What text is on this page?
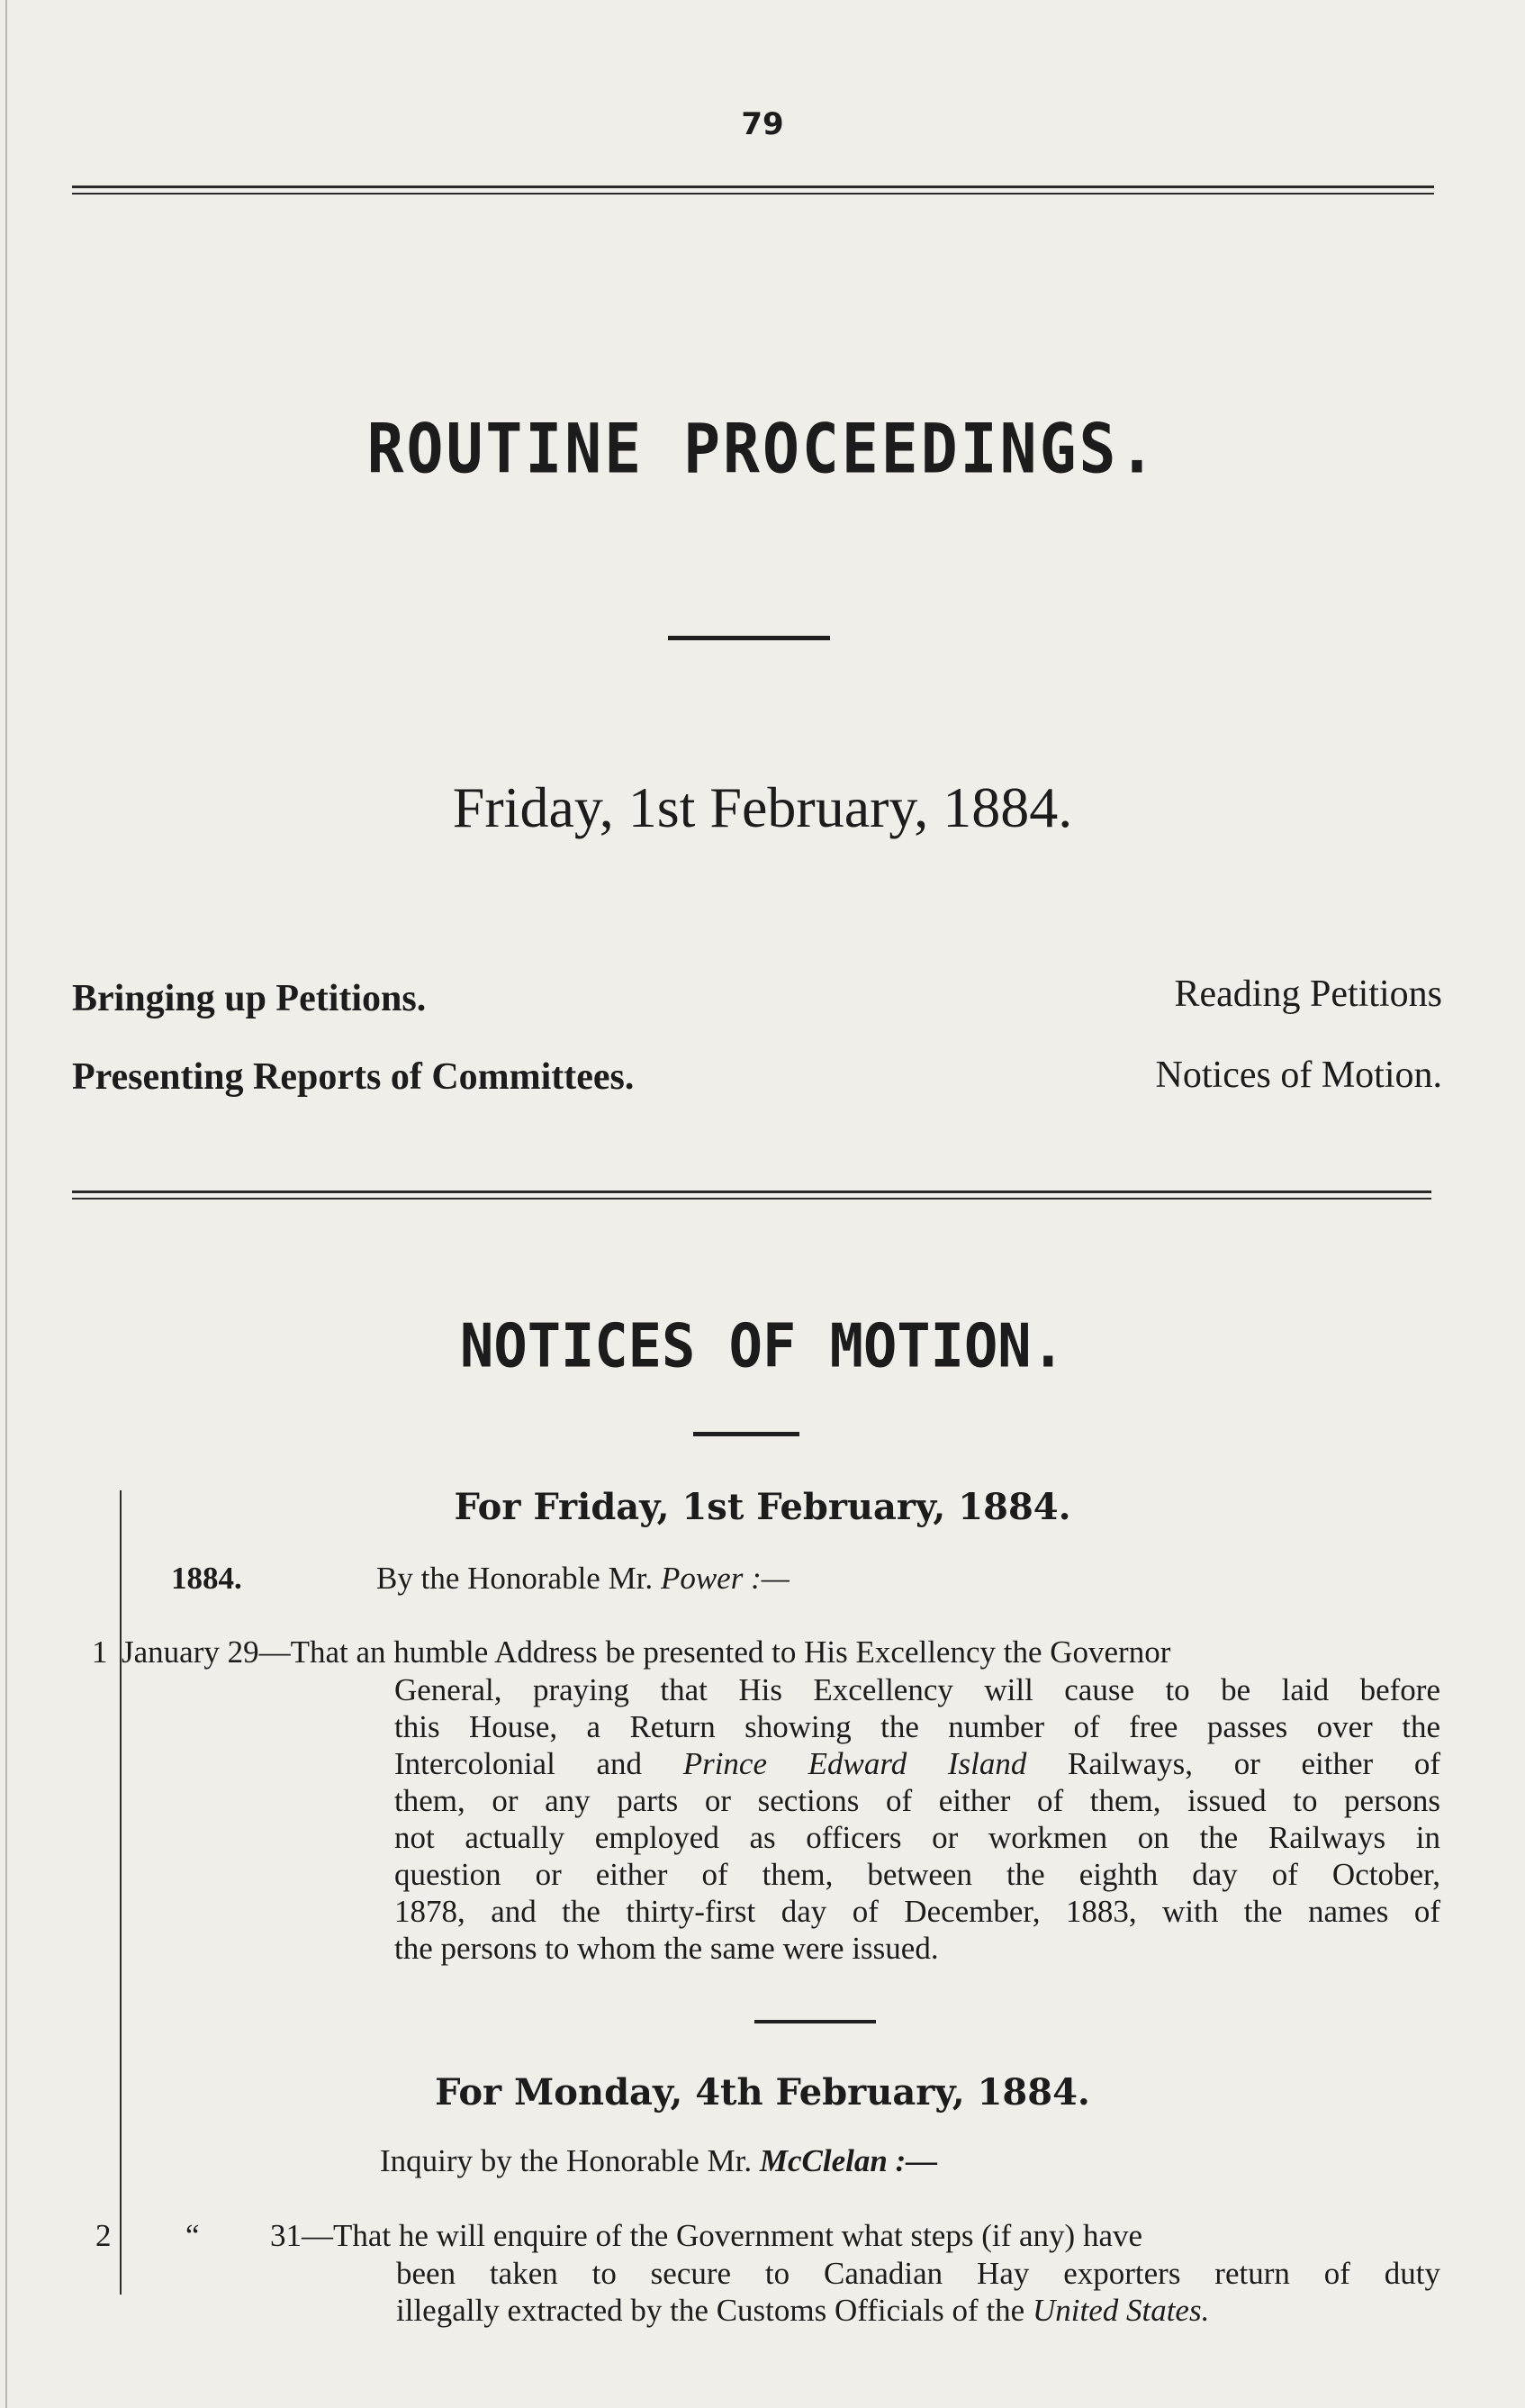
79
ROUTINE PROCEEDINGS.
Friday, 1st February, 1884.
Bringing up Petitions.
Presenting Reports of Committees.
Reading Petitions
Notices of Motion.
NOTICES OF MOTION.
For Friday, 1st February, 1884.
1884.	By the Honorable Mr. Power :—
1 January 29—That an humble Address be presented to His Excellency the Governor
General, praying that His Excellency will cause to be laid before
this House, a Return showing the number of free passes over the
Intercolonial and Prince Edward Island Railways, or either of
them, or any parts or sections of either of them, issued to persons
not actually employed as officers or workmen on the Railways in
question or either of them, between the eighth day of October,
1878, and the thirty-first day of December, 1883, with the names of
the persons to whom the same were issued.
For Monday, 4th February, 1884.
Inquiry by the Honorable Mr. McClelan :—
2 “ 31—That he will enquire of the Government what steps (if any) have
been taken to secure to Canadian Hay exporters return of duty
illegally extracted by the Customs Officials of the United States.
